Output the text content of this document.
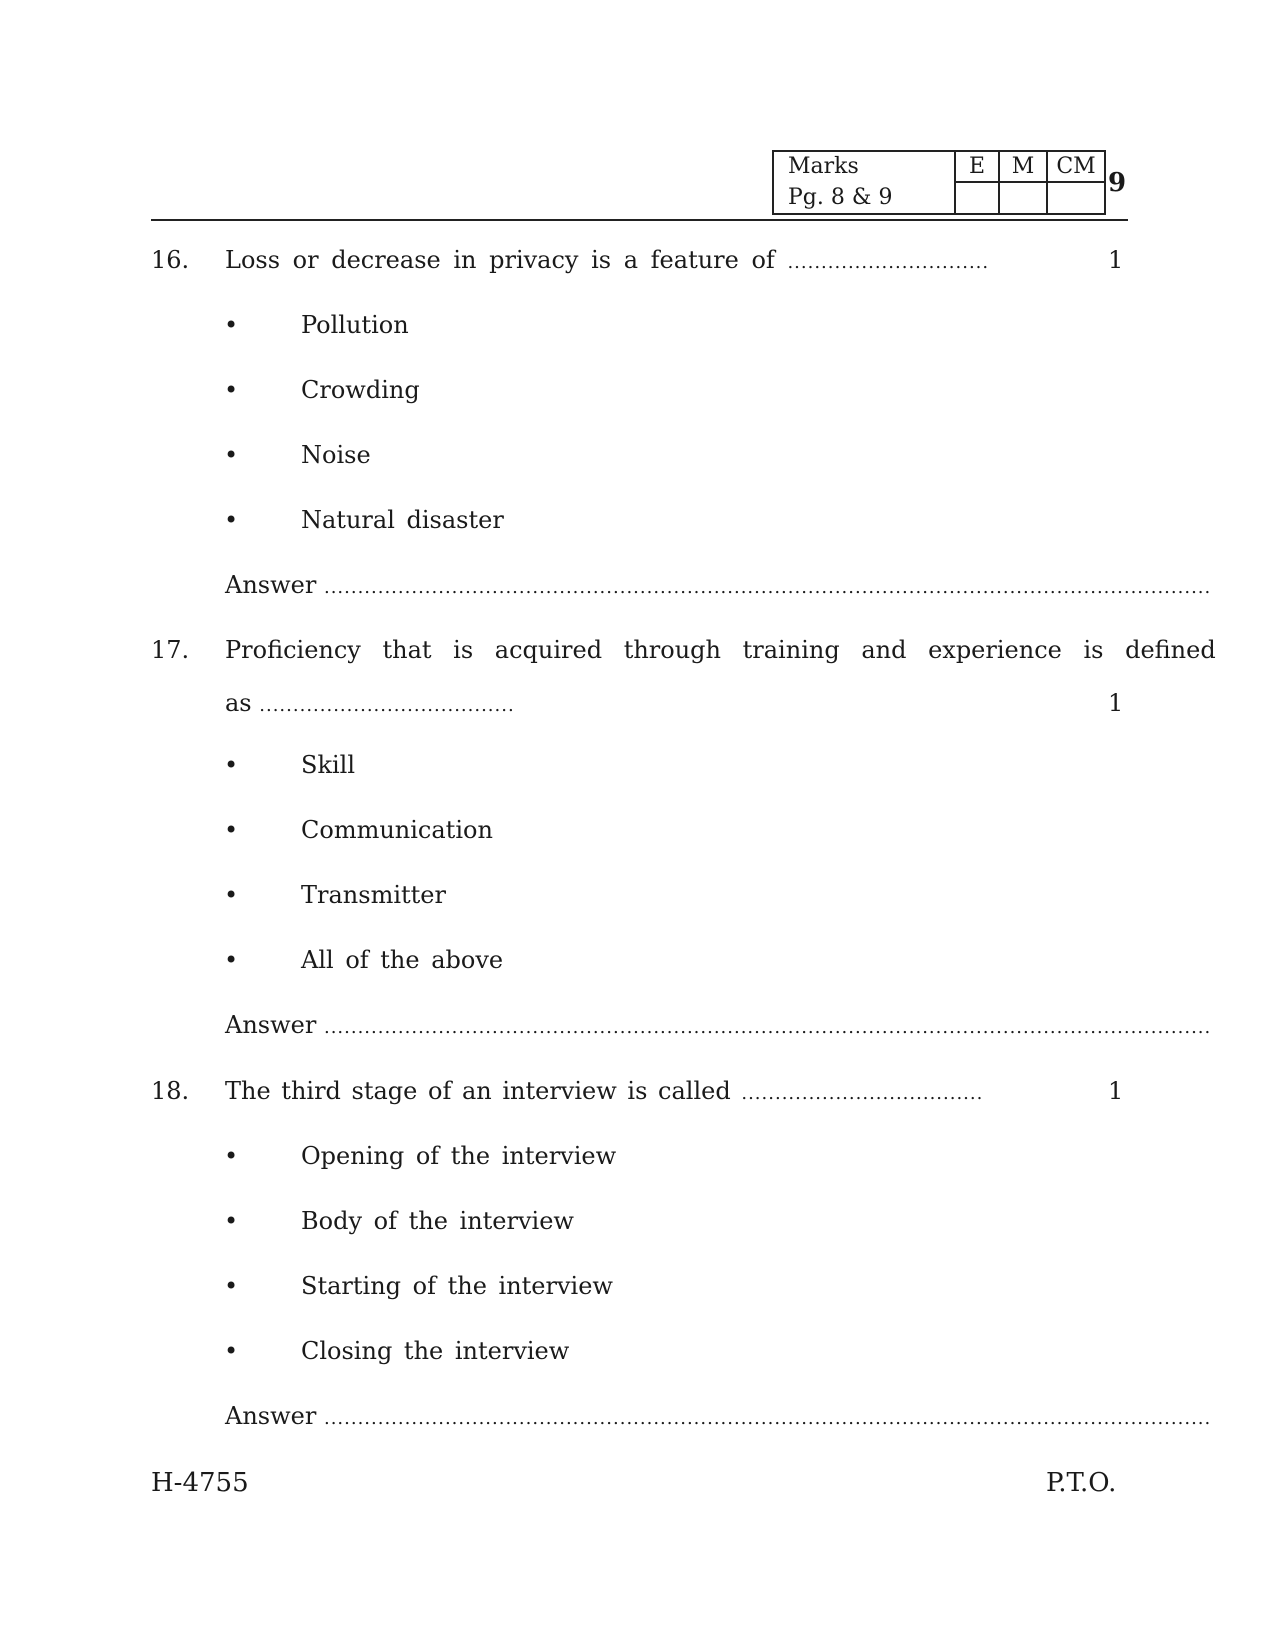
Marks	E	M	CM
Pg. 8 & 9				9
16. Loss or decrease in privacy is a feature of ..............................	1
•	Pollution
•	Crowding
•	Noise
•	Natural disaster
Answer ....................................................................................................................................
17. Proficiency that is acquired through training and experience is defined
as ......................................	1
•	Skill
•	Communication
•	Transmitter
•	All of the above
Answer ....................................................................................................................................
18. The third stage of an interview is called ....................................	1
•	Opening of the interview
•	Body of the interview
•	Starting of the interview
•	Closing the interview
Answer ....................................................................................................................................
H-4755	P.T.O.
